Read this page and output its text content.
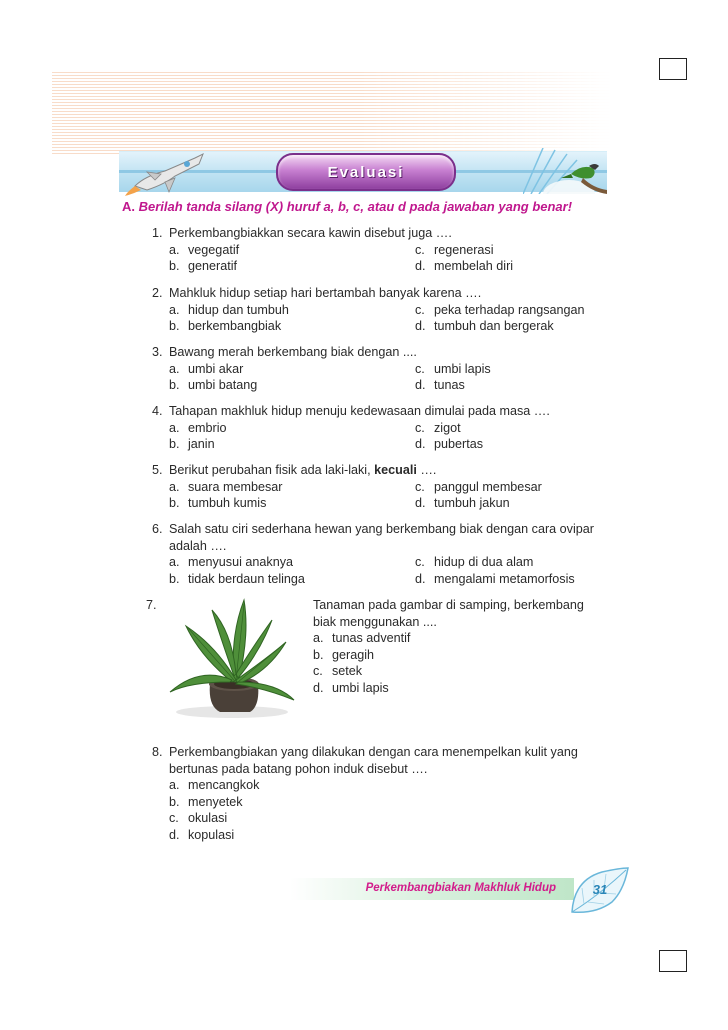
Evaluasi

A. Berilah tanda silang (X) huruf a, b, c, atau d pada jawaban yang benar!

1. Perkembangbiakkan secara kawin disebut juga ….
a. vegegatif	c. regenerasi
b. generatif	d. membelah diri
2. Mahkluk hidup setiap hari bertambah banyak karena ….
a. hidup dan tumbuh	c. peka terhadap rangsangan
b. berkembangbiak	d. tumbuh dan bergerak
3. Bawang merah berkembang biak dengan ....
a. umbi akar	c. umbi lapis
b. umbi batang	d. tunas
4. Tahapan makhluk hidup menuju kedewasaan dimulai pada masa ….
a. embrio	c. zigot
b. janin	d. pubertas
5. Berikut perubahan fisik ada laki-laki, kecuali ….
a. suara membesar	c. panggul membesar
b. tumbuh kumis	d. tumbuh jakun
6. Salah satu ciri sederhana hewan yang berkembang biak dengan cara ovipar
adalah ….
a. menyusui anaknya	c. hidup di dua alam
b. tidak berdaun telinga	d. mengalami metamorfosis
7.	Tanaman pada gambar di samping, berkembang
biak menggunakan ....
a. tunas adventif
b. geragih
c. setek
d. umbi lapis
8. Perkembangbiakan yang dilakukan dengan cara menempelkan kulit yang
bertunas pada batang pohon induk disebut ….
a. mencangkok
b. menyetek
c. okulasi
d. kopulasi
Perkembangbiakan Makhluk Hidup	31
